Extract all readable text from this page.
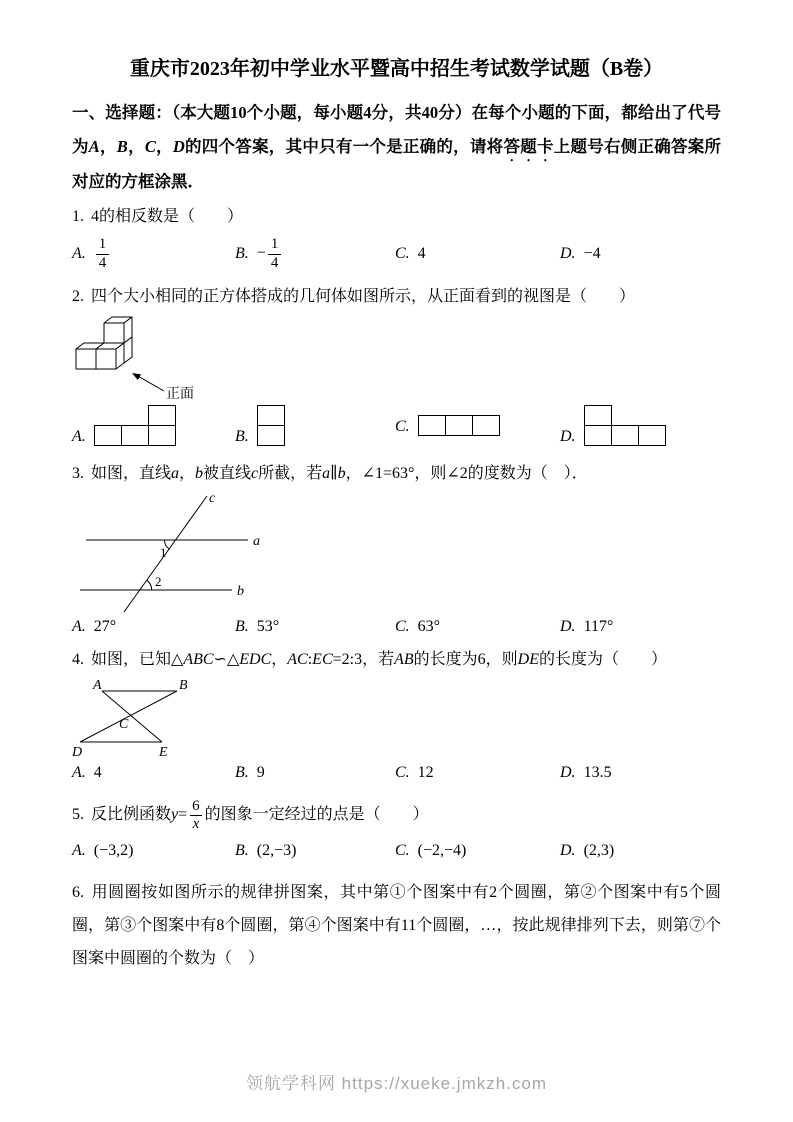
重庆市2023年初中学业水平暨高中招生考试数学试题（B卷）
一、选择题：（本大题10个小题，每小题4分，共40分）在每个小题的下面，都给出了代号为A，B，C，D的四个答案，其中只有一个是正确的，请将答题卡上题号右侧正确答案所对应的方框涂黑．
1. 4的相反数是（　　）
A. $\frac{1}{4}$	B. − $\frac{1}{4}$	C. 4	D. −4
2. 四个大小相同的正方体搭成的几何体如图所示，从正面看到的视图是（　　）
正面
A.	B.
C.
D.
3. 如图，直线a，b被直线c所截，若a∥b，∠1=63°，则∠2的度数为（　）．
a
b
c
1
2
A. 27°	B. 53°	C. 63°	D. 117°
4. 如图，已知△ABC∽△EDC，AC:EC=2:3，若AB的长度为6，则DE的长度为（　　）
A	B
D	E
C
A. 4	B. 9	C. 12	D. 13.5
5. 反比例函数$y= \frac{6}{x}$ 的图象一定经过的点是（　　）
A. (−3,2)	B. (2,−3)	C. (−2,−4)	D. (2,3)
6. 用圆圈按如图所示的规律拼图案，其中第①个图案中有2个圆圈，第②个图案中有5个圆圈，第③个图案中有8个圆圈，第④个图案中有11个圆圈，…，按此规律排列下去，则第⑦个图案中圆圈的个数为（　）
领航学科网 https://xueke.jmkzh.com
